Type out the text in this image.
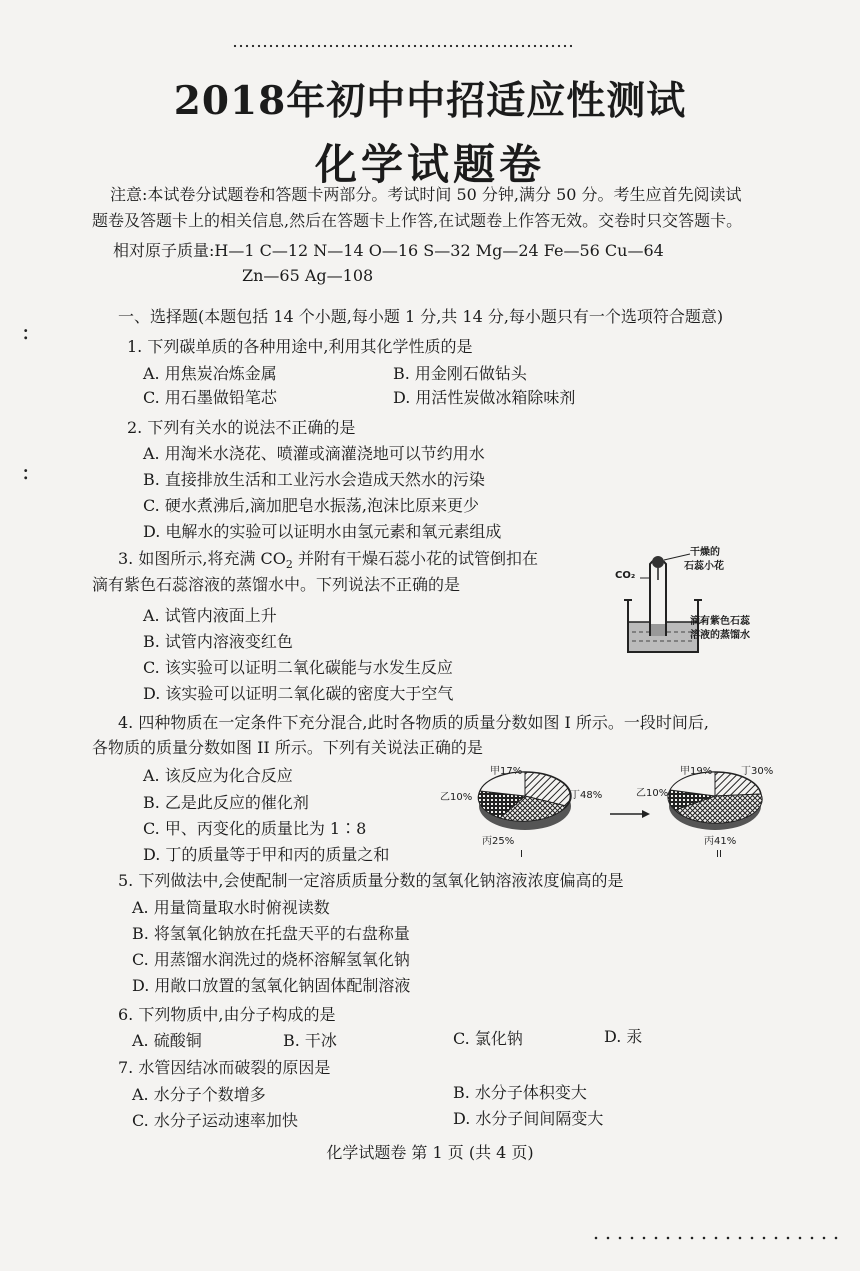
:
:
2018年初中中招适应性测试
化学试题卷
注意:本试卷分试题卷和答题卡两部分。考试时间 50 分钟,满分 50 分。考生应首先阅读试
题卷及答题卡上的相关信息,然后在答题卡上作答,在试题卷上作答无效。交卷时只交答题卡。
相对原子质量:H—1 C—12 N—14 O—16 S—32 Mg—24 Fe—56 Cu—64
Zn—65 Ag—108
一、选择题(本题包括 14 个小题,每小题 1 分,共 14 分,每小题只有一个选项符合题意)
1. 下列碳单质的各种用途中,利用其化学性质的是
A. 用焦炭冶炼金属	B. 用金刚石做钻头
C. 用石墨做铅笔芯	D. 用活性炭做冰箱除味剂
2. 下列有关水的说法不正确的是
A. 用淘米水浇花、喷灌或滴灌浇地可以节约用水
B. 直接排放生活和工业污水会造成天然水的污染
C. 硬水煮沸后,滴加肥皂水振荡,泡沫比原来更少
D. 电解水的实验可以证明水由氢元素和氧元素组成
3. 如图所示,将充满 $CO_2$ 并附有干燥石蕊小花的试管倒扣在
滴有紫色石蕊溶液的蒸馏水中。下列说法不正确的是
A. 试管内液面上升
B. 试管内溶液变红色
C. 该实验可以证明二氧化碳能与水发生反应
D. 该实验可以证明二氧化碳的密度大于空气
干燥的
石蕊小花
CO₂
滴有紫色石蕊
溶液的蒸馏水
4. 四种物质在一定条件下充分混合,此时各物质的质量分数如图 I 所示。一段时间后,
各物质的质量分数如图 II 所示。下列有关说法正确的是
A. 该反应为化合反应
B. 乙是此反应的催化剂
C. 甲、丙变化的质量比为 1∶8
D. 丁的质量等于甲和丙的质量之和
甲17%
乙10%	丁48%
丙25%
I
甲19%	丁30%
乙10%
丙41%
II
5. 下列做法中,会使配制一定溶质质量分数的氢氧化钠溶液浓度偏高的是
A. 用量筒量取水时俯视读数
B. 将氢氧化钠放在托盘天平的右盘称量
C. 用蒸馏水润洗过的烧杯溶解氢氧化钠
D. 用敞口放置的氢氧化钠固体配制溶液
6. 下列物质中,由分子构成的是
A. 硫酸铜	B. 干冰	C. 氯化钠	D. 汞
7. 水管因结冰而破裂的原因是
A. 水分子个数增多	B. 水分子体积变大
C. 水分子运动速率加快	D. 水分子间间隔变大
化学试题卷 第 1 页 (共 4 页)
